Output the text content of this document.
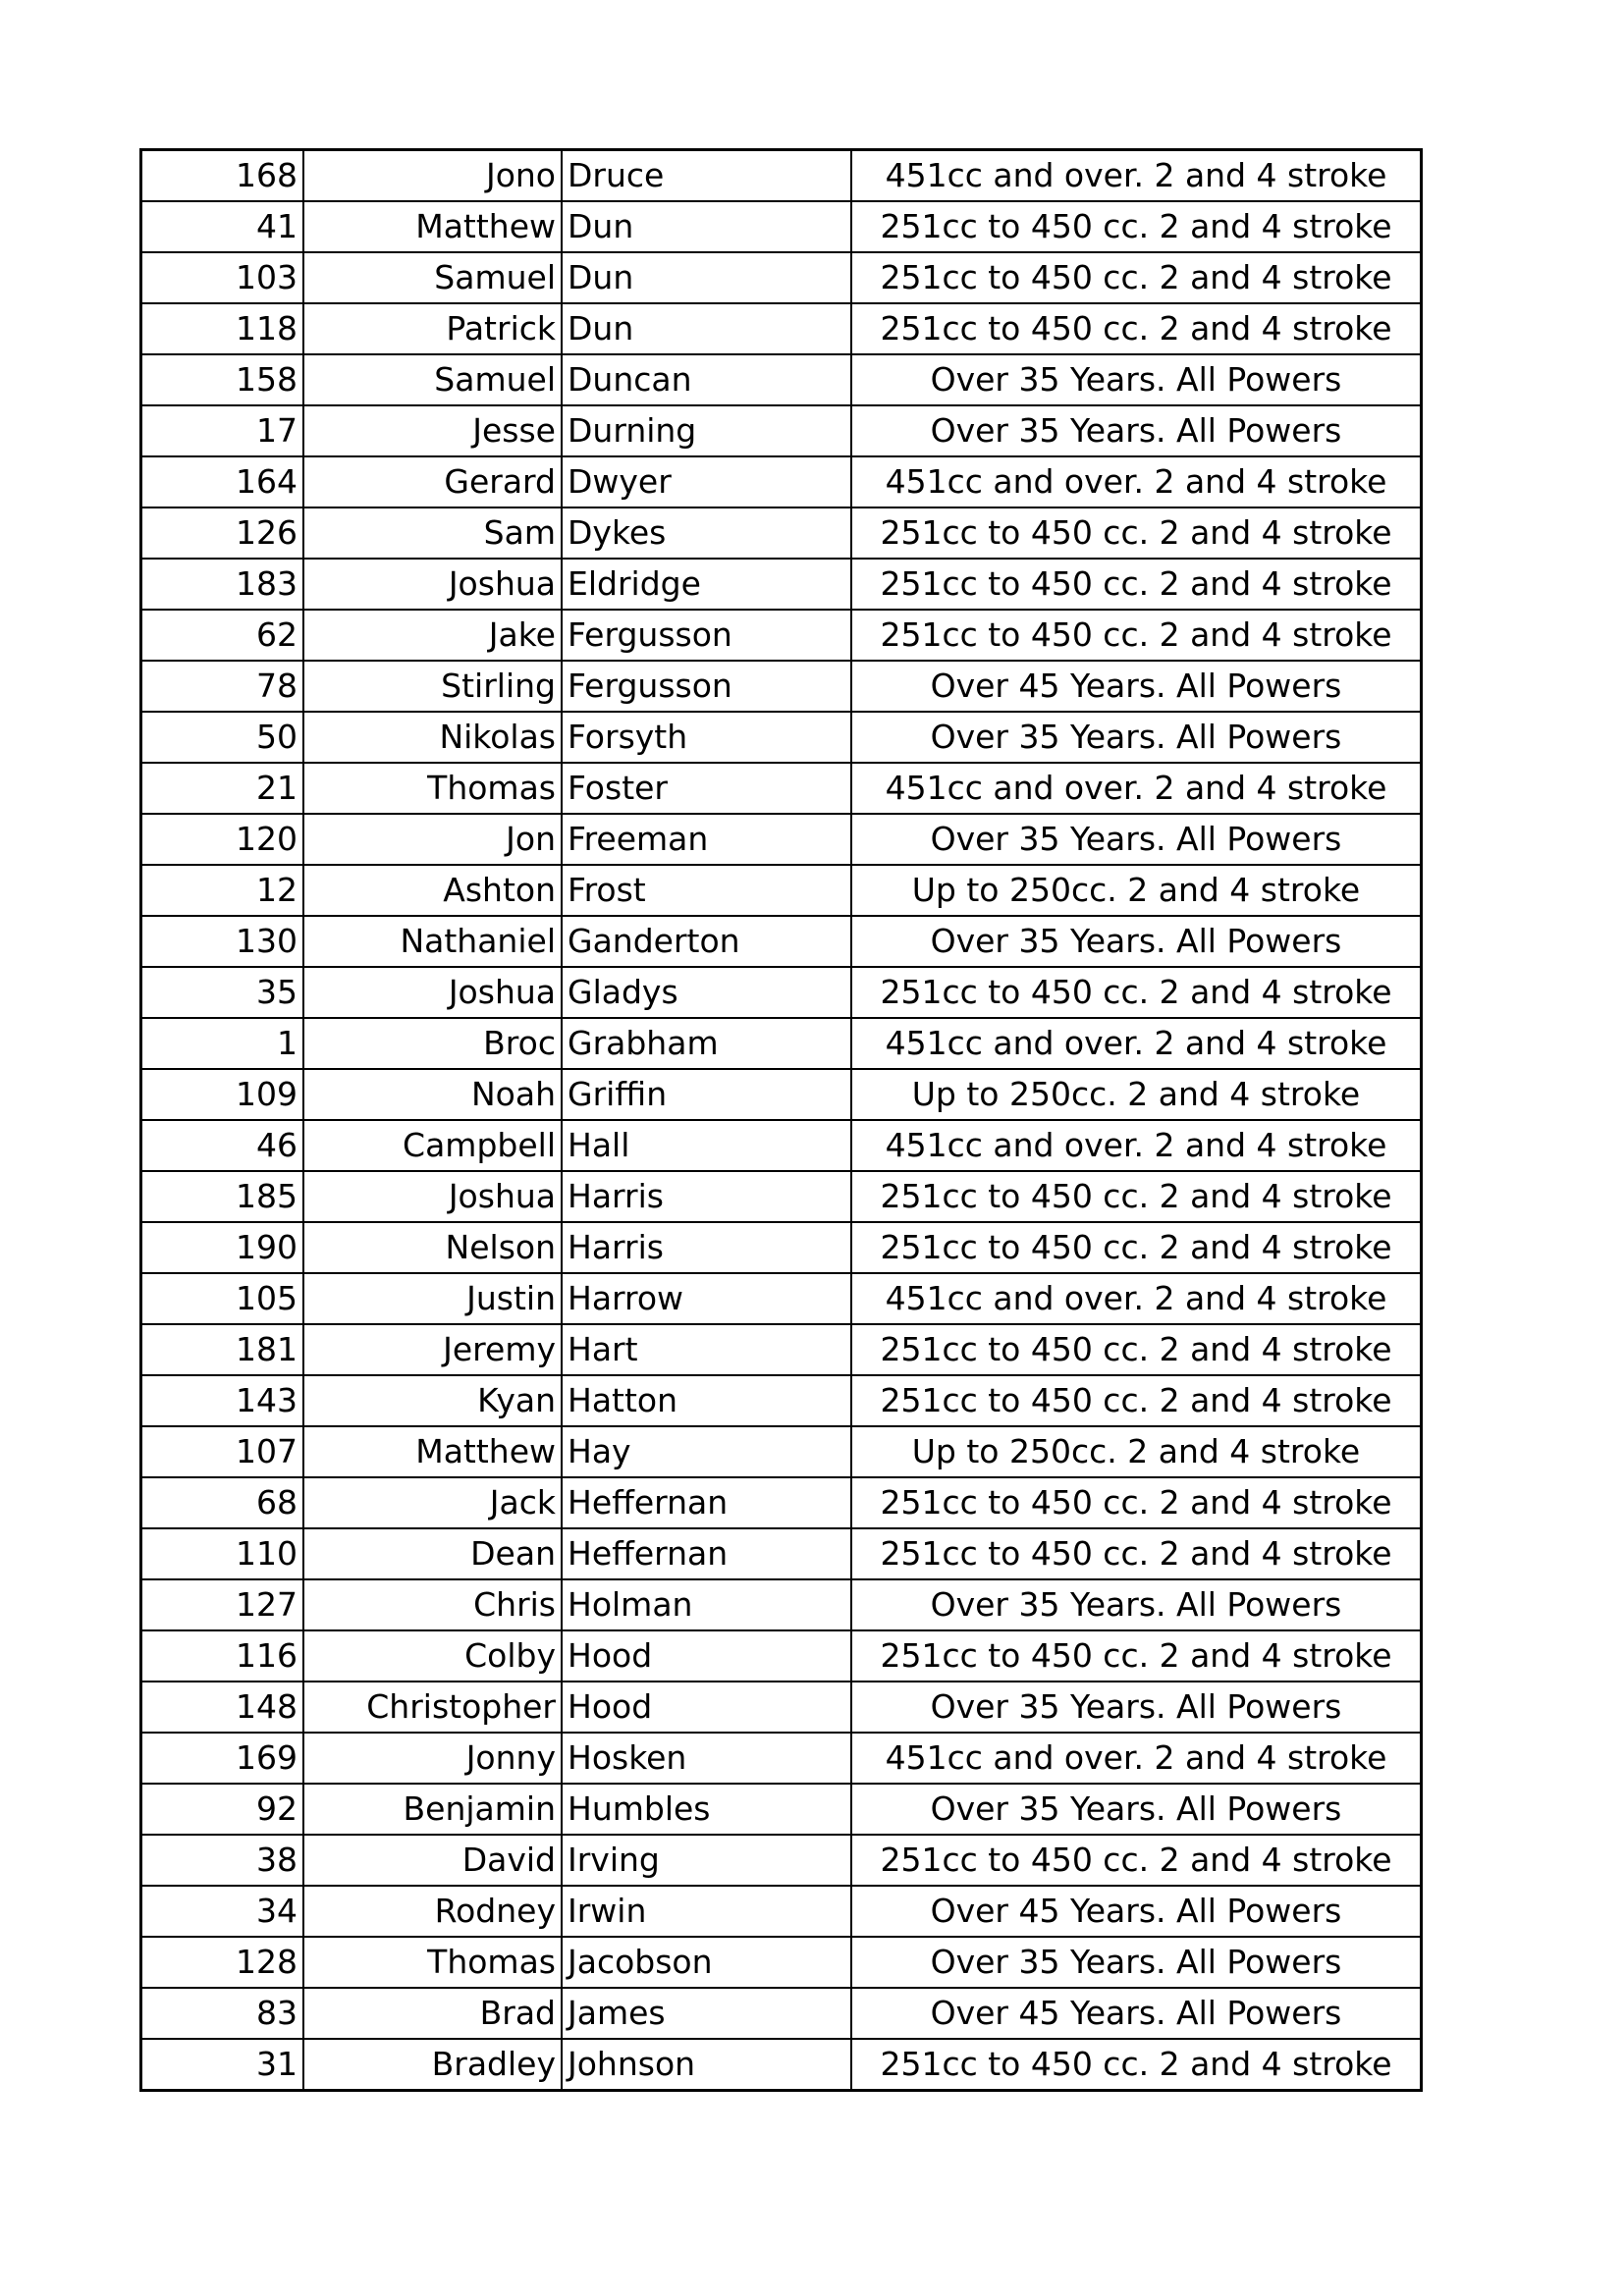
168	Jono	Druce	451cc and over. 2 and 4 stroke
41	Matthew	Dun	251cc to 450 cc. 2 and 4 stroke
103	Samuel	Dun	251cc to 450 cc. 2 and 4 stroke
118	Patrick	Dun	251cc to 450 cc. 2 and 4 stroke
158	Samuel	Duncan	Over 35 Years. All Powers
17	Jesse	Durning	Over 35 Years. All Powers
164	Gerard	Dwyer	451cc and over. 2 and 4 stroke
126	Sam	Dykes	251cc to 450 cc. 2 and 4 stroke
183	Joshua	Eldridge	251cc to 450 cc. 2 and 4 stroke
62	Jake	Fergusson	251cc to 450 cc. 2 and 4 stroke
78	Stirling	Fergusson	Over 45 Years. All Powers
50	Nikolas	Forsyth	Over 35 Years. All Powers
21	Thomas	Foster	451cc and over. 2 and 4 stroke
120	Jon	Freeman	Over 35 Years. All Powers
12	Ashton	Frost	Up to 250cc. 2 and 4 stroke
130	Nathaniel	Ganderton	Over 35 Years. All Powers
35	Joshua	Gladys	251cc to 450 cc. 2 and 4 stroke
1	Broc	Grabham	451cc and over. 2 and 4 stroke
109	Noah	Griffin	Up to 250cc. 2 and 4 stroke
46	Campbell	Hall	451cc and over. 2 and 4 stroke
185	Joshua	Harris	251cc to 450 cc. 2 and 4 stroke
190	Nelson	Harris	251cc to 450 cc. 2 and 4 stroke
105	Justin	Harrow	451cc and over. 2 and 4 stroke
181	Jeremy	Hart	251cc to 450 cc. 2 and 4 stroke
143	Kyan	Hatton	251cc to 450 cc. 2 and 4 stroke
107	Matthew	Hay	Up to 250cc. 2 and 4 stroke
68	Jack	Heffernan	251cc to 450 cc. 2 and 4 stroke
110	Dean	Heffernan	251cc to 450 cc. 2 and 4 stroke
127	Chris	Holman	Over 35 Years. All Powers
116	Colby	Hood	251cc to 450 cc. 2 and 4 stroke
148	Christopher	Hood	Over 35 Years. All Powers
169	Jonny	Hosken	451cc and over. 2 and 4 stroke
92	Benjamin	Humbles	Over 35 Years. All Powers
38	David	Irving	251cc to 450 cc. 2 and 4 stroke
34	Rodney	Irwin	Over 45 Years. All Powers
128	Thomas	Jacobson	Over 35 Years. All Powers
83	Brad	James	Over 45 Years. All Powers
31	Bradley	Johnson	251cc to 450 cc. 2 and 4 stroke
